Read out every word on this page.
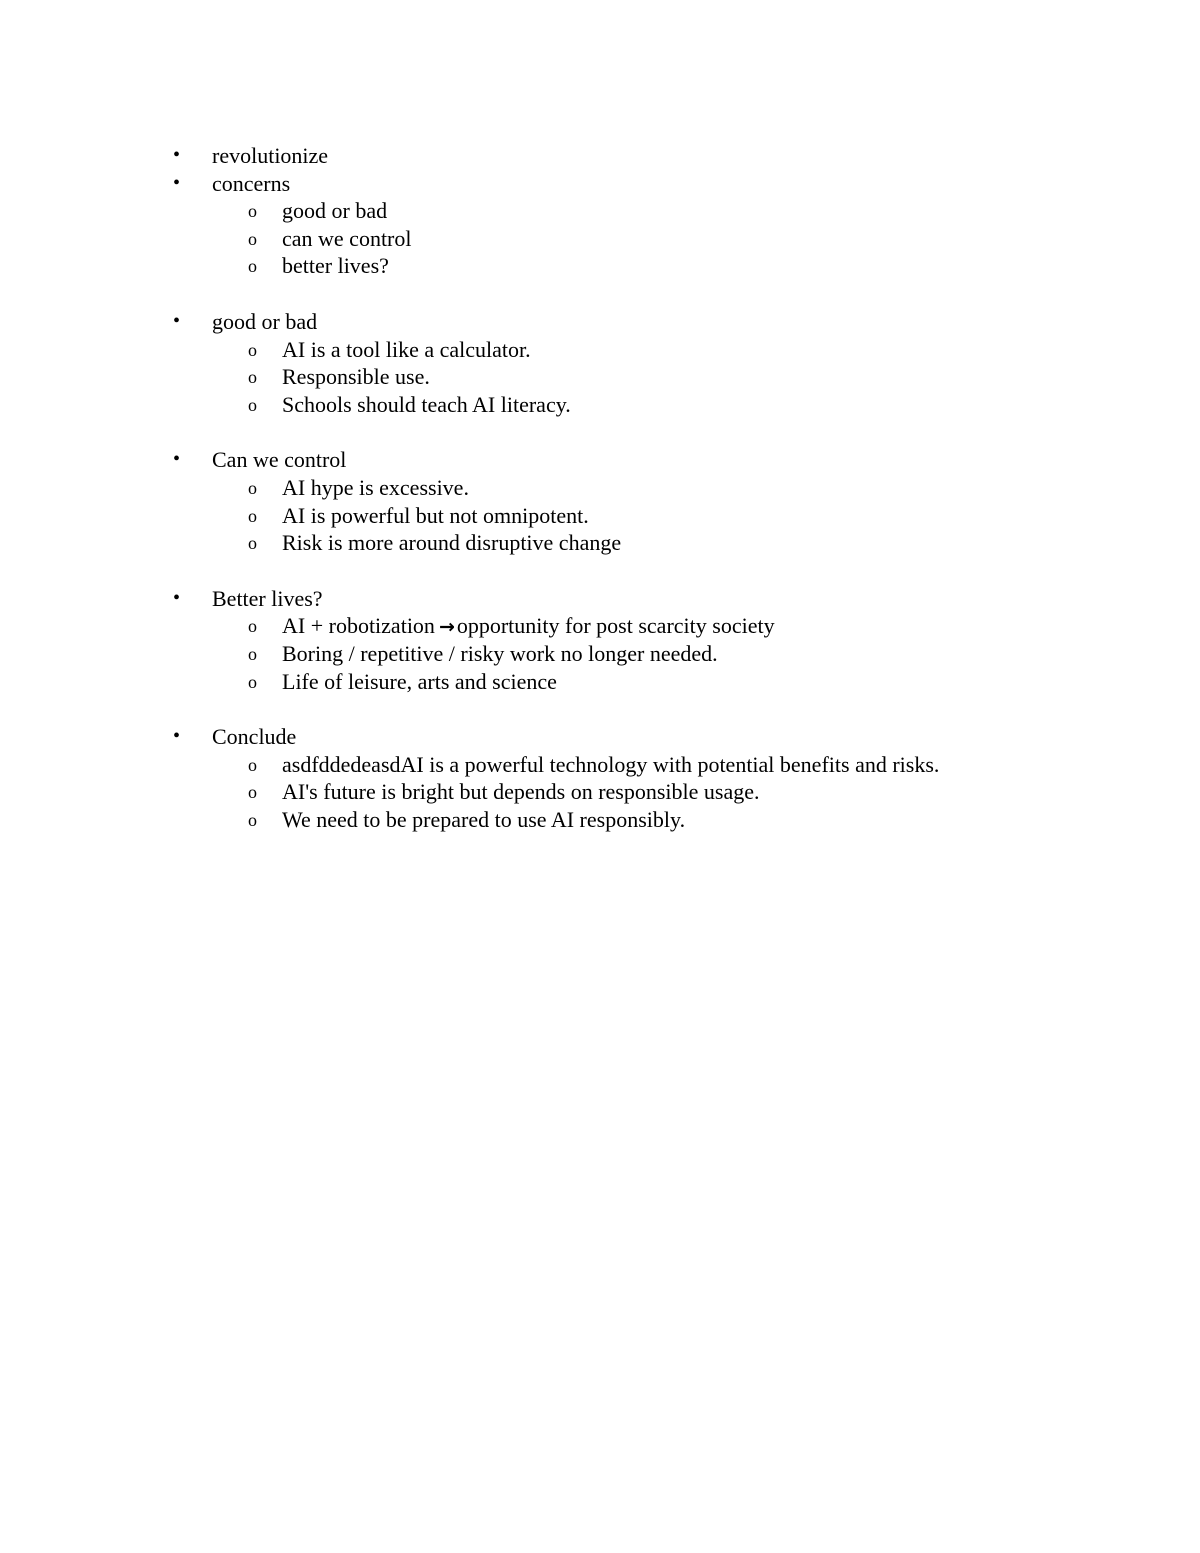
•	revolutionize
•	concerns
o	good or bad
o	can we control
o	better lives?
•	good or bad
o	AI is a tool like a calculator.
o	Responsible use.
o	Schools should teach AI literacy.
•	Can we control
o	AI hype is excessive.
o	AI is powerful but not omnipotent.
o	Risk is more around disruptive change
•	Better lives?
o	AI + robotization →opportunity for post scarcity society
o	Boring / repetitive / risky work no longer needed.
o	Life of leisure, arts and science
•	Conclude
o	asdfddedeasdAI is a powerful technology with potential benefits and risks.
o	AI's future is bright but depends on responsible usage.
o	We need to be prepared to use AI responsibly.
